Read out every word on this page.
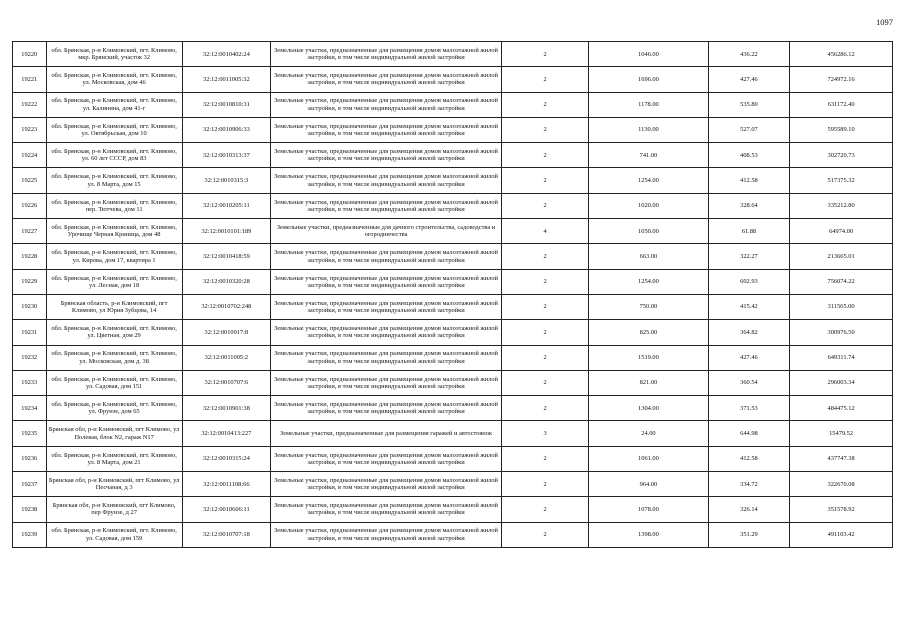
1097
19220	обл. Брянская, р-н Климовский, пгт. Климово, мкр. Брянский, участок 32	32:12:0010402:24	Земельные участки, предназначенные для размещения домов малоэтажной жилой застройки, в том числе индивидуальной жилой застройки	2	1046.00	436.22	456286.12
19221	обл. Брянская, р-н Климовский, пгт. Климово, ул. Московская, дом 46	32:12:0011005:32	Земельные участки, предназначенные для размещения домов малоэтажной жилой застройки, в том числе индивидуальной жилой застройки	2	1696.00	427.46	724972.16
19222	обл. Брянская, р-н Климовский, пгт. Климово, ул. Калинина, дом 41-г	32:12:0010810:31	Земельные участки, предназначенные для размещения домов малоэтажной жилой застройки, в том числе индивидуальной жилой застройки	2	1178.00	535.80	631172.40
19223	обл. Брянская, р-н Климовский, пгт. Климово, ул. Октябрьская, дом 10	32:12:0010906:33	Земельные участки, предназначенные для размещения домов малоэтажной жилой застройки, в том числе индивидуальной жилой застройки	2	1130.00	527.07	595589.10
19224	обл. Брянская, р-н Климовский, пгт. Климово, ул. 60 лет СССР, дом 83	32:12:0010313:37	Земельные участки, предназначенные для размещения домов малоэтажной жилой застройки, в том числе индивидуальной жилой застройки	2	741.00	408.53	302720.73
19225	обл. Брянская, р-н Климовский, пгт. Климово, ул. 8 Марта, дом 15	32:12:0010315:3	Земельные участки, предназначенные для размещения домов малоэтажной жилой застройки, в том числе индивидуальной жилой застройки	2	1254.00	412.58	517375.32
19226	обл. Брянская, р-н Климовский, пгт. Климово, пер. Тютчева, дом 11	32:12:0010205:11	Земельные участки, предназначенные для размещения домов малоэтажной жилой застройки, в том числе индивидуальной жилой застройки	2	1020.00	328.64	335212.80
19227	обл. Брянская, р-н Климовский, пгт. Климово, Урочище Черная Криница, дом 48	32:12:0010101:189	Земельные участки, предназначенные для дачного строительства, садоводства и огородничества	4	1050.00	61.88	64974.00
19228	обл. Брянская, р-н Климовский, пгт. Климово, ул. Кирова, дом 17, квартира 1	32:12:0010418:59	Земельные участки, предназначенные для размещения домов малоэтажной жилой застройки, в том числе индивидуальной жилой застройки	2	663.00	322.27	213665.01
19229	обл. Брянская, р-н Климовский, пгт. Климово, ул. Лесная, дом 18	32:12:0010320:28	Земельные участки, предназначенные для размещения домов малоэтажной жилой застройки, в том числе индивидуальной жилой застройки	2	1254.00	602.93	756074.22
19230	Брянская область, р-н Климовский, пгт Климово, ул Юрия Зубцова, 14	32:12:0010702:248	Земельные участки, предназначенные для размещения домов малоэтажной жилой застройки, в том числе индивидуальной жилой застройки	2	750.00	415.42	311565.00
19231	обл. Брянская, р-н Климовский, пгт. Климово, ул. Цветная, дом 29	32:12:0010917:8	Земельные участки, предназначенные для размещения домов малоэтажной жилой застройки, в том числе индивидуальной жилой застройки	2	825.00	364.82	300976.50
19232	обл. Брянская, р-н Климовский, пгт. Климово, ул. Московская, дом д. 38	32:12:0011005:2	Земельные участки, предназначенные для размещения домов малоэтажной жилой застройки, в том числе индивидуальной жилой застройки	2	1519.00	427.46	649311.74
19233	обл. Брянская, р-н Климовский, пгт. Климово, ул. Садовая, дом 151	32:12:0010707:6	Земельные участки, предназначенные для размещения домов малоэтажной жилой застройки, в том числе индивидуальной жилой застройки	2	821.00	360.54	296003.34
19234	обл. Брянская, р-н Климовский, пгт. Климово, ул. Фрунзе, дом 65	32:12:0010901:38	Земельные участки, предназначенные для размещения домов малоэтажной жилой застройки, в том числе индивидуальной жилой застройки	2	1304.00	371.53	484475.12
19235	Брянская обл, р-н Климовский, пгт Климово, ул Полевая, блок N2, гараж N17	32:12:0010413:227	Земельные участки, предназначенные для размещения гаражей и автостоянок	3	24.00	644.98	15479.52
19236	обл. Брянская, р-н Климовский, пгт. Климово, ул. 8 Марта, дом 21	32:12:0010315:24	Земельные участки, предназначенные для размещения домов малоэтажной жилой застройки, в том числе индивидуальной жилой застройки	2	1061.00	412.58	437747.38
19237	Брянская обл, р-н Климовский, пгт Климово, ул Песчаная, д 3	32:12:0011108:66	Земельные участки, предназначенные для размещения домов малоэтажной жилой застройки, в том числе индивидуальной жилой застройки	2	964.00	334.72	322670.08
19238	Брянская обл, р-н Климовский, пгт Климово, пер Фрунзе, д 27	32:12:0010606:11	Земельные участки, предназначенные для размещения домов малоэтажной жилой застройки, в том числе индивидуальной жилой застройки	2	1078.00	326.14	351578.92
19239	обл. Брянская, р-н Климовский, пгт. Климово, ул. Садовая, дом 159	32:12:0010707:18	Земельные участки, предназначенные для размещения домов малоэтажной жилой застройки, в том числе индивидуальной жилой застройки	2	1398.00	351.29	491103.42
